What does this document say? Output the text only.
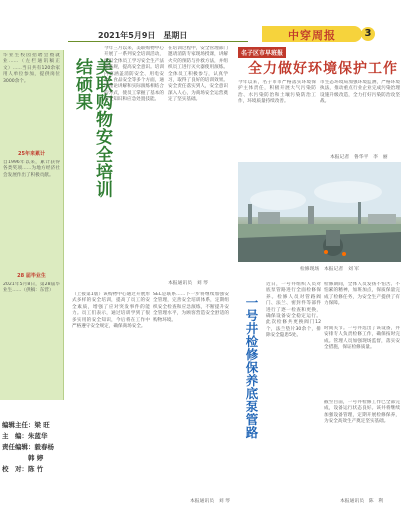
2021年5月9日　星期日	中穿周报	3
毕业生校园招聘会暨就业……（左栏通讯稿正文）……当日共有120余家用人单位参加，提供岗位3000余个。
25年来累计
自1996年以来，累计获得各类奖项……为地方经济社会发展作出了积极贡献。
28 届毕业生
2021年5月8日，第28届毕业生……（供稿：东营）
编辑主任：梁 旺
主　编：朱蓝华
责任编辑：毅春杨
　　　　韩 婷
校　对：陈 竹
美联购物安全培训结硕果
今年三月以来，美联购物中心开展了一系列安全培训活动，组织全体员工学习安全生产法律法规，提高安全意识。培训内容涵盖消防安全、用电安全、食品安全等多个方面，通过理论讲解和实际演练相结合的方式，使员工掌握了基本的安全知识和应急处置技能。
在培训过程中，安全管理部门邀请消防专家现场授课，讲解火灾的预防与扑救方法，并组织员工进行灭火器使用演练。全体员工积极参与，认真学习，取得了良好的培训效果。安全责任落实到人，安全意识深入人心，为商场安全运营奠定了坚实基础。
本报通讯员　刘 琴
（上接第1版）该购物中心通过开展形式多样的安全培训，提高了员工的安全素质，增强了应对突发事件的能力。员工们表示，通过培训学到了很多实用的安全知识，今后将在工作中严格遵守安全规定，确保商场安全。
SEL是联系……下一步将继续加强安全管理，完善安全培训体系，定期组织安全检查和应急演练，不断提升安全管理水平，为顾客营造安全舒适的购物环境。
本报通讯员　刘 琴
名子区市早班报
全力做好环境保护工作
今年以来，名子市市严格落实环境保护主体责任，积极开展大气污染防治、水污染防治和土壤污染防治工作，环境质量持续改善。
市生态环境局加强环境监测，严格环境执法，推动重点行业企业完成污染治理设施升级改造，全力打好污染防治攻坚战。
本报记者　鲁华平　李　丽
检修现场　本报记者　刘 军
一号井检修保养底泵管路
近日，一号井组织人员对底泵管路进行全面检修保养。检修人员对管路阀门、法兰、密封件等部件进行了逐一检查和更换，确保设备安全稳定运行。此次检修共更换阀门12个，法兰垫片30余个，排除安全隐患5处。
检修期间，全体人员发扬不怕苦、不怕累的精神，加班加点，保质保量完成了检修任务，为安全生产提供了有力保障。
时间关节。一号井选出了该设备，并安排专人负责检修工作，确保按时完成。管理人员加强现场监督，落实安全措施，保证检修质量。
截至目前，一号井检修工作已全部完成，设备运行状态良好。该井将继续加强设备管理，定期开展检修保养，为安全高效生产奠定坚实基础。
本报通讯员　陈　利
